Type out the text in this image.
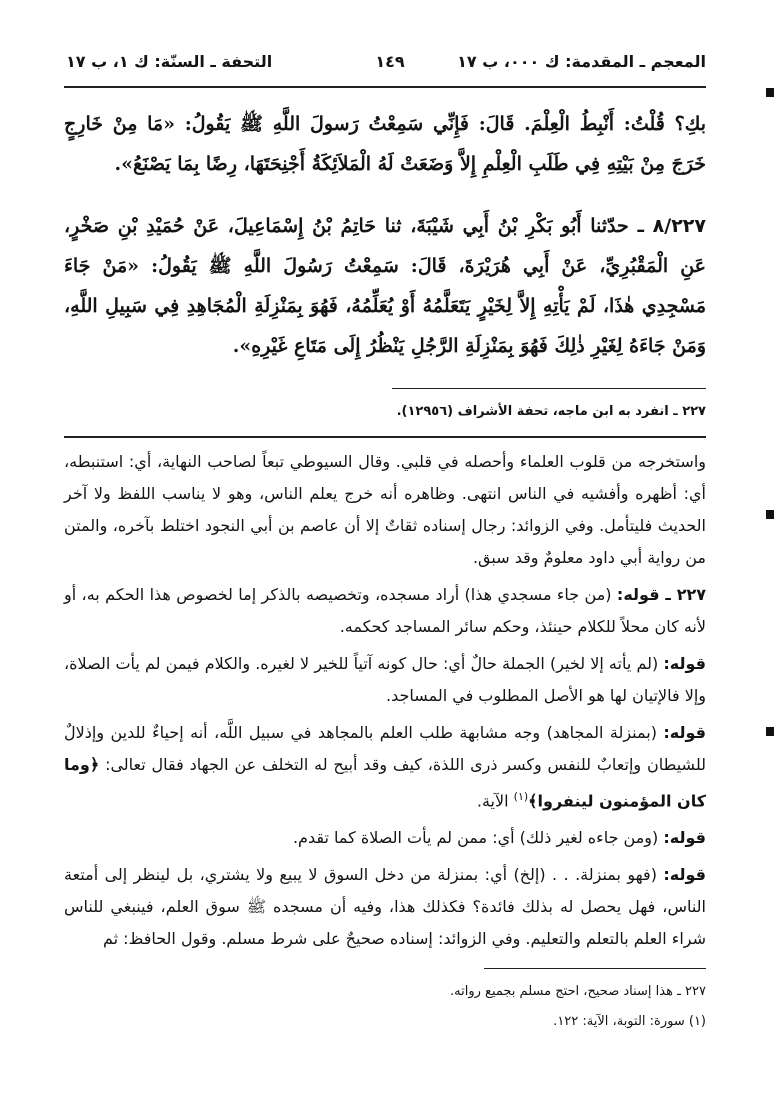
المعجم ـ المقدمة: ك ٠٠٠، ب ١٧
١٤٩
التحفة ـ السنّة: ك ١، ب ١٧
بكِ؟ قُلْتُ: أَنْبِطُ الْعِلْمَ. قَالَ: فَإِنِّي سَمِعْتُ رَسولَ اللَّهِ ﷺ يَقُولُ: «مَا مِنْ خَارِجٍ خَرَجَ مِنْ بَيْتِهِ فِي طَلَبِ الْعِلْمِ إِلاَّ وَضَعَتْ لَهُ الْمَلاَئِكَةُ أَجْنِحَتَهَا، رِضًا بِمَا يَصْنَعُ».
٨/٢٢٧ ـ حدّثنا أَبُو بَكْرِ بْنُ أَبِي شَيْبَةَ، ثنا حَاتِمُ بْنُ إِسْمَاعِيلَ، عَنْ حُمَيْدِ بْنِ صَخْرٍ، عَنِ الْمَقْبُرِيِّ، عَنْ أَبِي هُرَيْرَةَ، قَالَ: سَمِعْتُ رَسُولَ اللَّهِ ﷺ يَقُولُ: «مَنْ جَاءَ مَسْجِدِي هٰذَا، لَمْ يَأْتِهِ إِلاَّ لِخَيْرٍ يَتَعَلَّمُهُ أَوْ يُعَلِّمُهُ، فَهُوَ بِمَنْزِلَةِ الْمُجَاهِدِ فِي سَبِيلِ اللَّهِ، وَمَنْ جَاءَهُ لِغَيْرِ ذٰلِكَ فَهُوَ بِمَنْزِلَةِ الرَّجُلِ يَنْظُرُ إِلَى مَتَاعِ غَيْرِهِ».
٢٢٧ ـ انفرد به ابن ماجه، تحفة الأشراف (١٢٩٥٦).

واستخرجه من قلوب العلماء وأحصله في قلبي. وقال السيوطي تبعاً لصاحب النهاية، أي: استنبطه، أي: أظهره وأفشيه في الناس انتهى. وظاهره أنه خرج يعلم الناس، وهو لا يناسب اللفظ ولا آخر الحديث فليتأمل. وفي الزوائد: رجال إسناده ثقاتٌ إلا أن عاصم بن أبي النجود اختلط بآخره، والمتن من رواية أبي داود معلومٌ وقد سبق.

٢٢٧ ـ قوله: (من جاء مسجدي هذا) أراد مسجده، وتخصيصه بالذكر إما لخصوص هذا الحكم به، أو لأنه كان محلاً للكلام حينئذ، وحكم سائر المساجد كحكمه.

قوله: (لم يأته إلا لخير) الجملة حالٌ أي: حال كونه آتياً للخير لا لغيره. والكلام فيمن لم يأت الصلاة، وإلا فالإتيان لها هو الأصل المطلوب في المساجد.

قوله: (بمنزلة المجاهد) وجه مشابهة طلب العلم بالمجاهد في سبيل اللَّه، أنه إحياءٌ للدين وإذلالٌ للشيطان وإتعابٌ للنفس وكسر ذرى اللذة، كيف وقد أبيح له التخلف عن الجهاد فقال تعالى: ﴿وما كان المؤمنون لينفروا﴾$^{(١)}$ الآية.

قوله: (ومن جاءه لغير ذلك) أي: ممن لم يأت الصلاة كما تقدم.

قوله: (فهو بمنزلة. . . (إلخ) أي: بمنزلة من دخل السوق لا يبيع ولا يشتري، بل لينظر إلى أمتعة الناس، فهل يحصل له بذلك فائدة؟ فكذلك هذا، وفيه أن مسجده ﷺ سوق العلم، فينبغي للناس شراء العلم بالتعلم والتعليم. وفي الزوائد: إسناده صحيحٌ على شرط مسلم. وقول الحافظ: ثم

٢٢٧ ـ هذا إسناد صحيح، احتج مسلم بجميع رواته.
(١) سورة: التوبة، الآية: ١٢٢.
